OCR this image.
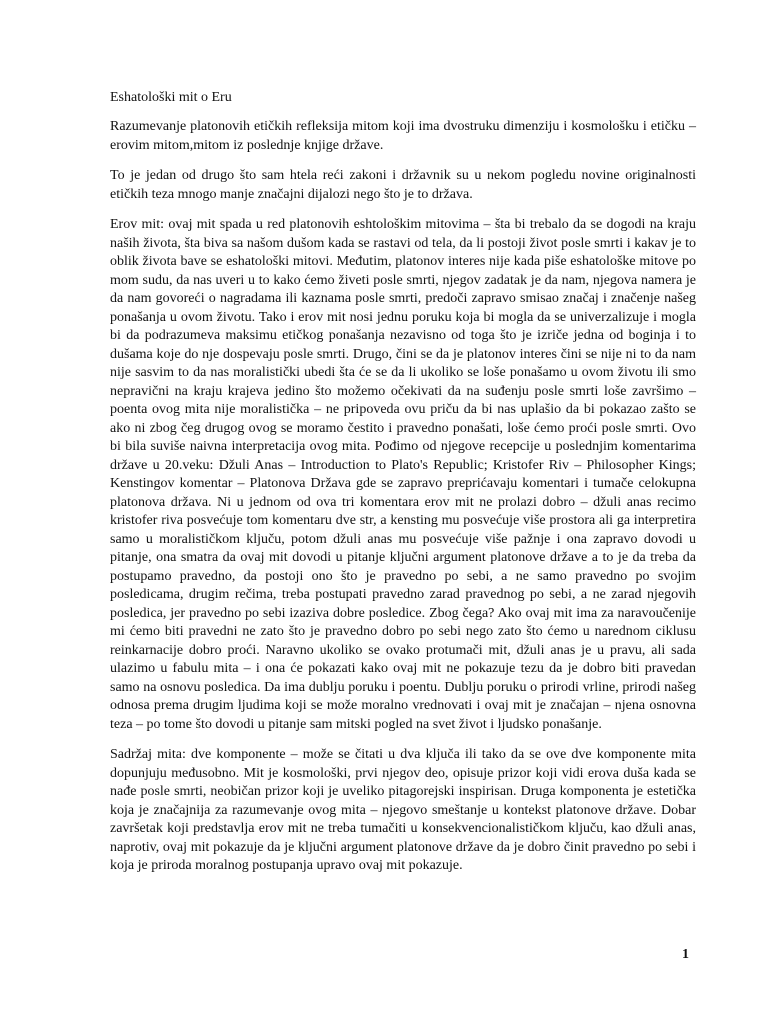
Eshatološki mit o Eru

Razumevanje platonovih etičkih refleksija mitom koji ima dvostruku dimenziju i kosmološku i etičku – erovim mitom,mitom iz poslednje knjige države.

To je jedan od drugo što sam htela reći zakoni i državnik su u nekom pogledu novine originalnosti etičkih teza mnogo manje značajni dijalozi nego što je to država.

Erov mit: ovaj mit spada u red platonovih eshtološkim mitovima – šta bi trebalo da se dogodi na kraju naših života, šta biva sa našom dušom kada se rastavi od tela, da li postoji život posle smrti i kakav je to oblik života bave se eshatološki mitovi. Međutim, platonov interes nije kada piše eshatološke mitove po mom sudu, da nas uveri u to kako ćemo živeti posle smrti, njegov zadatak je da nam, njegova namera je da nam govoreći o nagradama ili kaznama posle smrti, predoči zapravo smisao značaj i značenje našeg ponašanja u ovom životu. Tako i erov mit nosi jednu poruku koja bi mogla da se univerzalizuje i mogla bi da podrazumeva maksimu etičkog ponašanja nezavisno od toga što je izriče jedna od boginja i to dušama koje do nje dospevaju posle smrti. Drugo, čini se da je platonov interes čini se nije ni to da nam nije sasvim to da nas moralistički ubedi šta će se da li ukoliko se loše ponašamo u ovom životu ili smo nepravični na kraju krajeva jedino što možemo očekivati da na suđenju posle smrti loše završimo – poenta ovog mita nije moralistička – ne pripoveda ovu priču da bi nas uplašio da bi pokazao zašto se ako ni zbog čeg drugog ovog se moramo čestito i pravedno ponašati, loše ćemo proći posle smrti. Ovo bi bila suviše naivna interpretacija ovog mita. Pođimo od njegove recepcije u poslednjim komentarima države u 20.veku: Džuli Anas – Introduction to Plato's Republic; Kristofer Riv – Philosopher Kings; Kenstingov komentar – Platonova Država gde se zapravo preprićavaju komentari i tumače celokupna platonova država. Ni u jednom od ova tri komentara erov mit ne prolazi dobro – džuli anas recimo kristofer riva posvećuje tom komentaru dve str, a kensting mu posvećuje više prostora ali ga interpretira samo u moralističkom ključu, potom džuli anas mu posvećuje više pažnje i ona zapravo dovodi u pitanje, ona smatra da ovaj mit dovodi u pitanje ključni argument platonove države a to je da treba da postupamo pravedno, da postoji ono što je pravedno po sebi, a ne samo pravedno po svojim posledicama, drugim rečima, treba postupati pravedno zarad pravednog po sebi, a ne zarad njegovih posledica, jer pravedno po sebi izaziva dobre posledice. Zbog čega? Ako ovaj mit ima za naravoučenije mi ćemo biti pravedni ne zato što je pravedno dobro po sebi nego zato što ćemo u narednom ciklusu reinkarnacije dobro proći. Naravno ukoliko se ovako protumači mit, džuli anas je u pravu, ali sada ulazimo u fabulu mita – i ona će pokazati kako ovaj mit ne pokazuje tezu da je dobro biti pravedan samo na osnovu posledica. Da ima dublju poruku i poentu. Dublju poruku o prirodi vrline, prirodi našeg odnosa prema drugim ljudima koji se može moralno vrednovati i ovaj mit je značajan – njena osnovna teza – po tome što dovodi u pitanje sam mitski pogled na svet život i ljudsko ponašanje.

Sadržaj mita: dve komponente – može se čitati u dva ključa ili tako da se ove dve komponente mita dopunjuju međusobno. Mit je kosmološki, prvi njegov deo, opisuje prizor koji vidi erova duša kada se nađe posle smrti, neobičan prizor koji je uveliko pitagorejski inspirisan. Druga komponenta je estetička koja je značajnija za razumevanje ovog mita – njegovo smeštanje u kontekst platonove države. Dobar završetak koji predstavlja erov mit ne treba tumačiti u konsekvencionalističkom ključu, kao džuli anas, naprotiv, ovaj mit pokazuje da je ključni argument platonove države da je dobro činit pravedno po sebi i koja je priroda moralnog postupanja upravo ovaj mit pokazuje.

1
